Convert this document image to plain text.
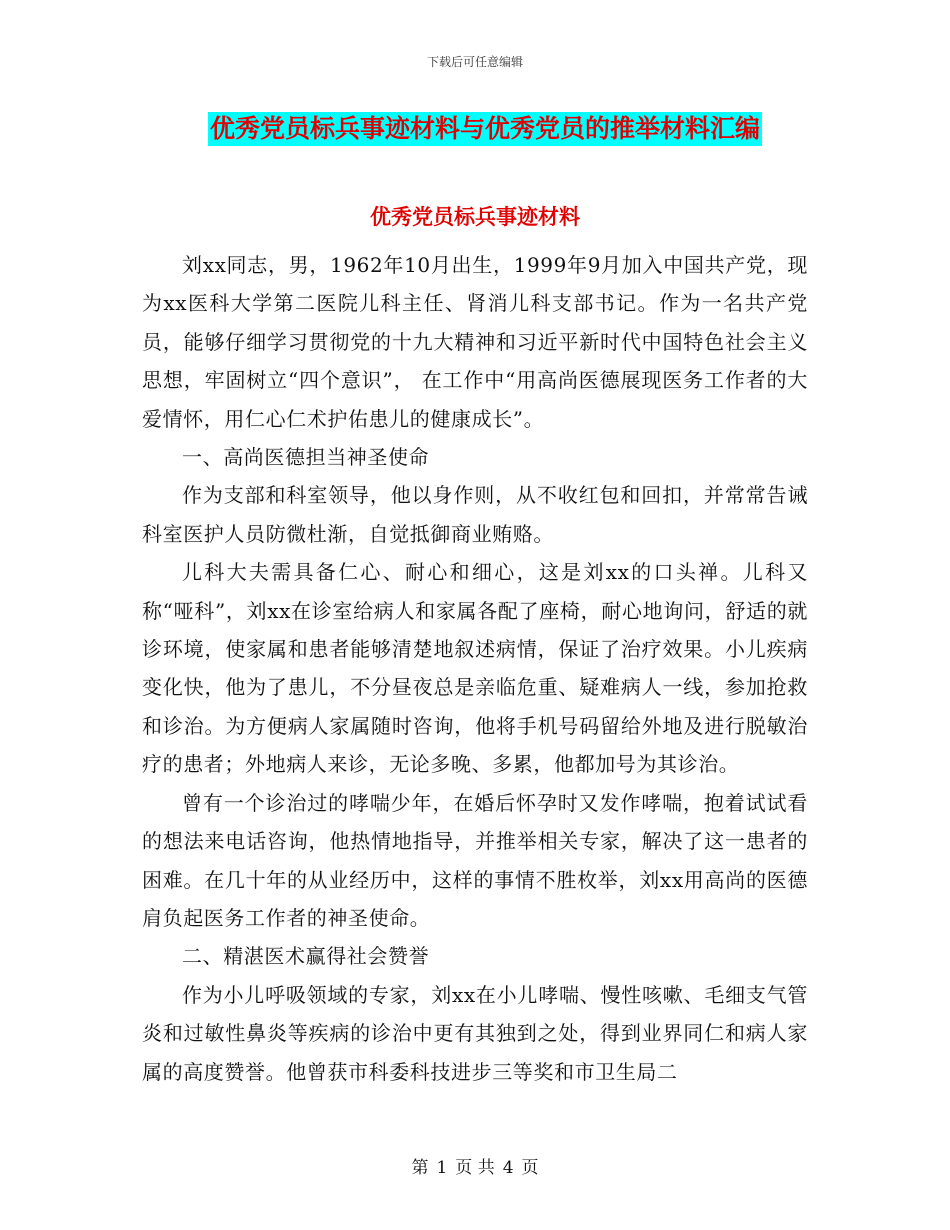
下载后可任意编辑
优秀党员标兵事迹材料与优秀党员的推举材料汇编
优秀党员标兵事迹材料

刘xx同志，男，1962年10月出生，1999年9月加入中国共产党，现为xx医科大学第二医院儿科主任、肾消儿科支部书记。作为一名共产党员，能够仔细学习贯彻党的十九大精神和习近平新时代中国特色社会主义思想，牢固树立“四个意识”， 在工作中“用高尚医德展现医务工作者的大爱情怀，用仁心仁术护佑患儿的健康成长”。

一、高尚医德担当神圣使命

作为支部和科室领导，他以身作则，从不收红包和回扣，并常常告诫科室医护人员防微杜渐，自觉抵御商业贿赂。

儿科大夫需具备仁心、耐心和细心，这是刘xx的口头禅。儿科又称“哑科”，刘xx在诊室给病人和家属各配了座椅，耐心地询问，舒适的就诊环境，使家属和患者能够清楚地叙述病情，保证了治疗效果。小儿疾病变化快，他为了患儿，不分昼夜总是亲临危重、疑难病人一线，参加抢救和诊治。为方便病人家属随时咨询，他将手机号码留给外地及进行脱敏治疗的患者；外地病人来诊，无论多晚、多累，他都加号为其诊治。

曾有一个诊治过的哮喘少年，在婚后怀孕时又发作哮喘，抱着试试看的想法来电话咨询，他热情地指导，并推举相关专家，解决了这一患者的困难。在几十年的从业经历中，这样的事情不胜枚举，刘xx用高尚的医德肩负起医务工作者的神圣使命。

二、精湛医术赢得社会赞誉

作为小儿呼吸领域的专家，刘xx在小儿哮喘、慢性咳嗽、毛细支气管炎和过敏性鼻炎等疾病的诊治中更有其独到之处，得到业界同仁和病人家属的高度赞誉。他曾获市科委科技进步三等奖和市卫生局二

第 1 页 共 4 页
